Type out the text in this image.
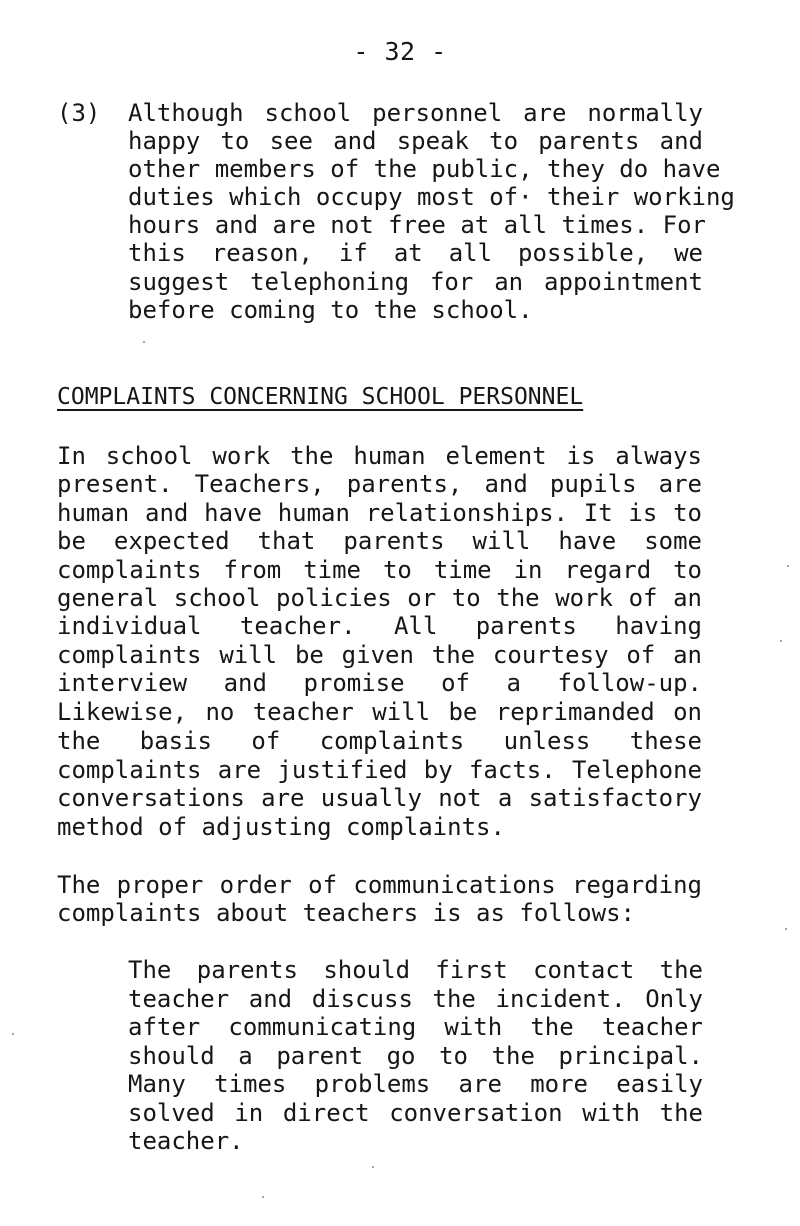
- 32 -
(3) Although school personnel are normally
happy to see and speak to parents and
other members of the public, they do have
duties which occupy most of· their working
hours and are not free at all times. For
this reason, if at all possible, we
suggest telephoning for an appointment
before coming to the school.
COMPLAINTS CONCERNING SCHOOL PERSONNEL
In school work the human element is always
present. Teachers, parents, and pupils are
human and have human relationships. It is to
be expected that parents will have some
complaints from time to time in regard to
general school policies or to the work of an
individual teacher. All parents having
complaints will be given the courtesy of an
interview and promise of a follow-up.
Likewise, no teacher will be reprimanded on
the basis of complaints unless these
complaints are justified by facts. Telephone
conversations are usually not a satisfactory
method of adjusting complaints.
The proper order of communications regarding
complaints about teachers is as follows:
The parents should first contact the
teacher and discuss the incident. Only
after communicating with the teacher
should a parent go to the principal.
Many times problems are more easily
solved in direct conversation with the
teacher.
